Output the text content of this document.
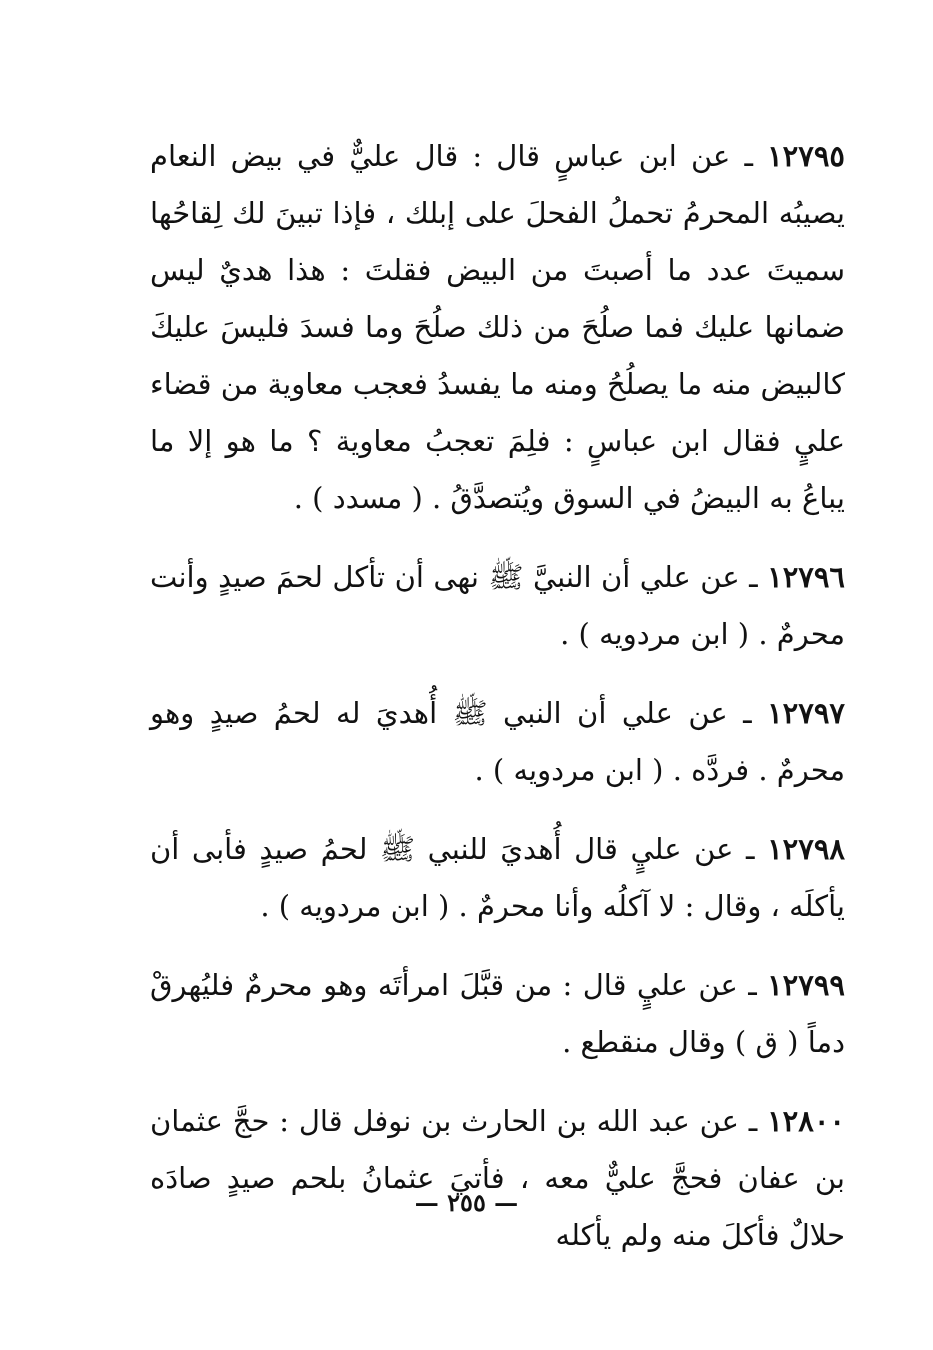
١٢٧٩٥ ـ عن ابن عباسٍ قال : قال عليٌّ في بيض النعام يصيبُه المحرمُ تحملُ الفحلَ على إبلك ، فإذا تبينَ لك لِقاحُها سميتَ عدد ما أصبتَ من البيض فقلتَ : هذا هديٌ ليس ضمانها عليك فما صلُحَ من ذلك صلُحَ وما فسدَ فليسَ عليكَ كالبيض منه ما يصلُحُ ومنه ما يفسدُ فعجب معاوية من قضاء عليٍ فقال ابن عباسٍ : فلِمَ تعجبُ معاوية ؟ ما هو إلا ما يباعُ به البيضُ في السوق ويُتصدَّقُ . ( مسدد ) .

١٢٧٩٦ ـ عن علي أن النبيَّ ﷺ نهى أن تأكل لحمَ صيدٍ وأنت محرمٌ . ( ابن مردويه ) .

١٢٧٩٧ ـ عن علي أن النبي ﷺ أُهديَ له لحمُ صيدٍ وهو محرمٌ . فردَّه . ( ابن مردويه ) .

١٢٧٩٨ ـ عن عليٍ قال أُهديَ للنبي ﷺ لحمُ صيدٍ فأبى أن يأكلَه ، وقال : لا آكلُه وأنا محرمٌ . ( ابن مردويه ) .

١٢٧٩٩ ـ عن عليٍ قال : من قبَّلَ امرأتَه وهو محرمٌ فليُهرقْ دماً ( ق ) وقال منقطع .

١٢٨٠٠ ـ عن عبد الله بن الحارث بن نوفل قال : حجَّ عثمان بن عفان فحجَّ عليٌّ معه ، فأتيَ عثمانُ بلحم صيدٍ صادَه حلالٌ فأكلَ منه ولم يأكله

— ٢٥٥ —
